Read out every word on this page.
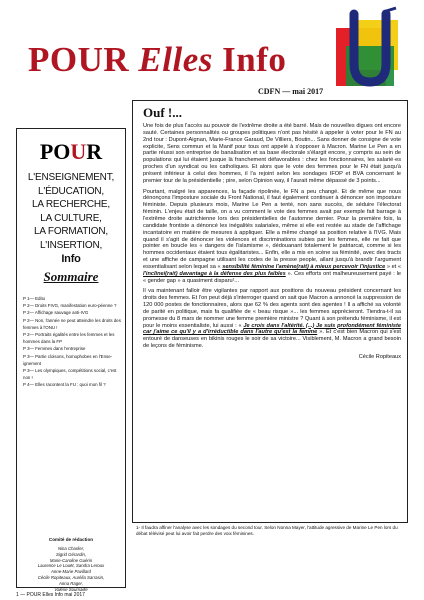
POUR Elles Info
CDFN — mai 2017
POUR
L'ENSEIGNEMENT,
L'ÉDUCATION,
LA RECHERCHE,
LA CULTURE,
LA FORMATION,
L'INSERTION,
Info
Sommaire
P 1— Edito
P 2— Droits FIVG, manifestation euro-péenne ?
P 2— Affichage sauvage anti-IVG
P 2— Non, l'année ne peut atteindre les droits des femmes à l'ONU !
P 2— Portraits égalités entre les femmes et les hommes dans la FP
P 3— Femmes dans l'entreprise
P 3— Partie cloisons, homophobes en l'Ense-ignement
P 3— Les olympiques, compétitions social, c'est non !
P 4— Elles racontent la FU : quoi mon fil ?
Comité de rédaction
Nina Charlier,
Sigrid Gérardin,
Marie-Caroline Guérin
Laurence Le Louët, Sandra Leroux
Anne-Marie Pavillard
Cécile Ropiteaux, Aurélia Sarrasin,
Anna Rager,
Valérie Soumaille
Ouf !...

Une fois de plus l'accès au pouvoir de l'extrême droite a été barré. Mais de nouvelles digues ont encore sauté. Certaines personnalités ou groupes politiques n'ont pas hésité à appeler à voter pour le FN au 2nd tour : Dupont-Aignan, Marie-France Garaud, De Villiers, Boutin... Sans donner de consigne de vote explicite, Sens commun et la Manif pour tous ont appelé à s'opposer à Macron. Marine Le Pen a en partie réussi son entreprise de banalisation et sa base électorale s'élargit encore, y compris au sein de populations qui lui étaient jusque là franchement défavorables : chez les fonctionnaires, les salarié·es proches d'un syndicat ou les catholiques. Et alors que le vote des femmes pour le FN était jusqu'à présent inférieur à celui des hommes, il l'a rejoint selon les sondages IFOP et BVA concernant le premier tour de la présidentielle ; pire, selon Opinion way, il l'aurait même dépassé de 3 points...

Pourtant, malgré les apparences, la façade ripolinée, le FN a peu changé. Et de même que nous dénonçons l'imposture sociale du Front National, il faut également continuer à dénoncer son imposture féministe. Depuis plusieurs mois, Marine Le Pen a tenté, non sans succès, de séduire l'électorat féminin. L'enjeu était de taille, on a vu comment le vote des femmes avait par exemple fait barrage à l'extrême droite autrichienne lors des présidentielles de l'automne dernier. Pour la première fois, la candidate frontiste a dénoncé les inégalités salariales, même si elle est restée au stade de l'affichage incantatoire en matière de mesures à appliquer. Elle a même changé sa position relative à l'IVG. Mais quand il s'agit de dénoncer les violences et discriminations subies par les femmes, elle ne fait que pointer en boucle les « dangers de l'islamisme », dédouanant totalement le patriarcat, comme si les hommes occidentaux étaient tous égalitaristes... Enfin, elle a mis en scène sa féminité, avec des tracts et une affiche de campagne utilisant les codes de la presse people, allant jusqu'à brandir l'argument essentialisant selon lequel sa « sensibilité féminine l'amène(rait) à mieux percevoir l'injustice » et « l'inclinei(rait) davantage à la défense des plus faibles ». Ces efforts ont malheureusement payé : le « gender gap » a quasiment disparu¹...

Il va maintenant falloir être vigilantes par rapport aux positions du nouveau président concernant les droits des femmes. Et l'on peut déjà s'interroger quand on sait que Macron a annoncé la suppression de 120 000 postes de fonctionnaires, alors que 62 % des agents sont des agentes ! Il a affiché sa volonté de parité en politique, mais fa qualifiée de « beau risque »... les femmes apprécieront. Tiendra-t-il sa promesse du 8 mars de nommer une femme première ministre ? Quant à son prétendu féminisme, il est pour le moins essentialiste, lui aussi : « Je crois dans l'altérité. (...) Je suis profondément féministe car j'aime ce qu'il y a d'irréductible dans l'autre qu'est la femme ». Et c'est bien Macron qui s'est entouré de danseuses en bikinis rouges le soir de sa victoire... Visiblement, M. Macron a grand besoin de leçons de féminisme.

Cécile Ropiteaux

1- Il faudra affiner l'analyse avec les sondages du second tour. Selon Nonna Mayer, l'attitude agressive de Marine Le Pen lors du débat télévisé peut lui avoir fait perdre des voix féminines.
1 — POUR Elles Info mai 2017
